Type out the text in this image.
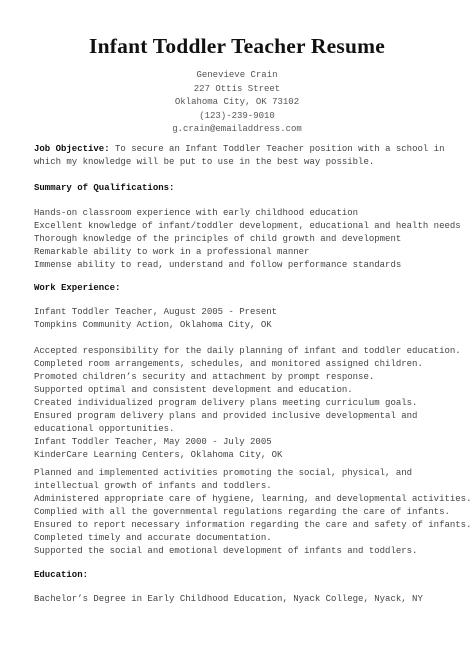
Infant Toddler Teacher Resume
Genevieve Crain
227 Ottis Street
Oklahoma City, OK 73102
(123)-239-9010
g.crain@emailaddress.com
Job Objective: To secure an Infant Toddler Teacher position with a school in which my knowledge will be put to use in the best way possible.
Summary of Qualifications:
Hands-on classroom experience with early childhood education
Excellent knowledge of infant/toddler development, educational and health needs
Thorough knowledge of the principles of child growth and development
Remarkable ability to work in a professional manner
Immense ability to read, understand and follow performance standards
Work Experience:
Infant Toddler Teacher, August 2005 - Present
Tompkins Community Action, Oklahoma City, OK
Accepted responsibility for the daily planning of infant and toddler education.
Completed room arrangements, schedules, and monitored assigned children.
Promoted children’s security and attachment by prompt response.
Supported optimal and consistent development and education.
Created individualized program delivery plans meeting curriculum goals.
Ensured program delivery plans and provided inclusive developmental and educational opportunities.
Infant Toddler Teacher, May 2000 - July 2005
KinderCare Learning Centers, Oklahoma City, OK
Planned and implemented activities promoting the social, physical, and intellectual growth of infants and toddlers.
Administered appropriate care of hygiene, learning, and developmental activities.
Complied with all the governmental regulations regarding the care of infants.
Ensured to report necessary information regarding the care and safety of infants.
Completed timely and accurate documentation.
Supported the social and emotional development of infants and toddlers.
Education:
Bachelor’s Degree in Early Childhood Education, Nyack College, Nyack, NY
